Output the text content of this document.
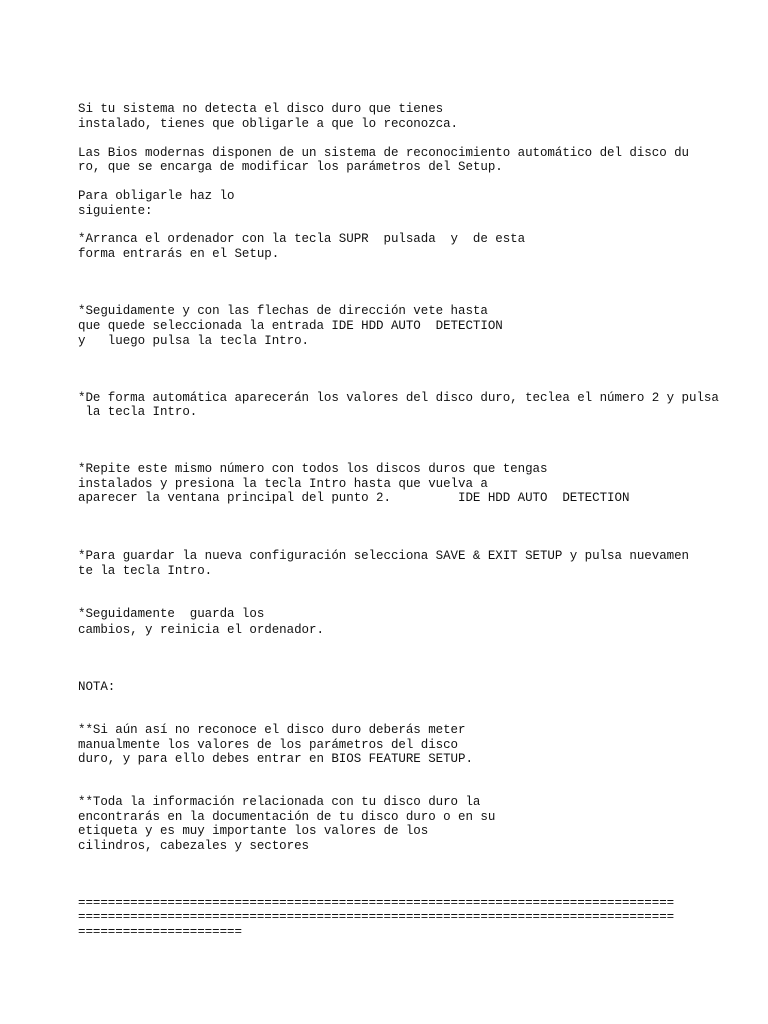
Si tu sistema no detecta el disco duro que tienes

instalado, tienes que obligarle a que lo reconozca.

Las Bios modernas disponen de un sistema de reconocimiento automático del disco du

ro, que se encarga de modificar los parámetros del Setup.

Para obligarle haz lo

siguiente:

*Arranca el ordenador con la tecla SUPR  pulsada  y  de esta

forma entrarás en el Setup.

*Seguidamente y con las flechas de dirección vete hasta

que quede seleccionada la entrada IDE HDD AUTO  DETECTION

y   luego pulsa la tecla Intro.

*De forma automática aparecerán los valores del disco duro, teclea el número 2 y pulsa

la tecla Intro.

*Repite este mismo número con todos los discos duros que tengas

instalados y presiona la tecla Intro hasta que vuelva a

aparecer la ventana principal del punto 2.         IDE HDD AUTO  DETECTION

*Para guardar la nueva configuración selecciona SAVE & EXIT SETUP y pulsa nuevamen

te la tecla Intro.

*Seguidamente  guarda los

cambios, y reinicia el ordenador.

NOTA:

**Si aún así no reconoce el disco duro deberás meter

manualmente los valores de los parámetros del disco

duro, y para ello debes entrar en BIOS FEATURE SETUP.

**Toda la información relacionada con tu disco duro la

encontrarás en la documentación de tu disco duro o en su

etiqueta y es muy importante los valores de los

cilindros, cabezales y sectores

================================================================================

================================================================================

======================
